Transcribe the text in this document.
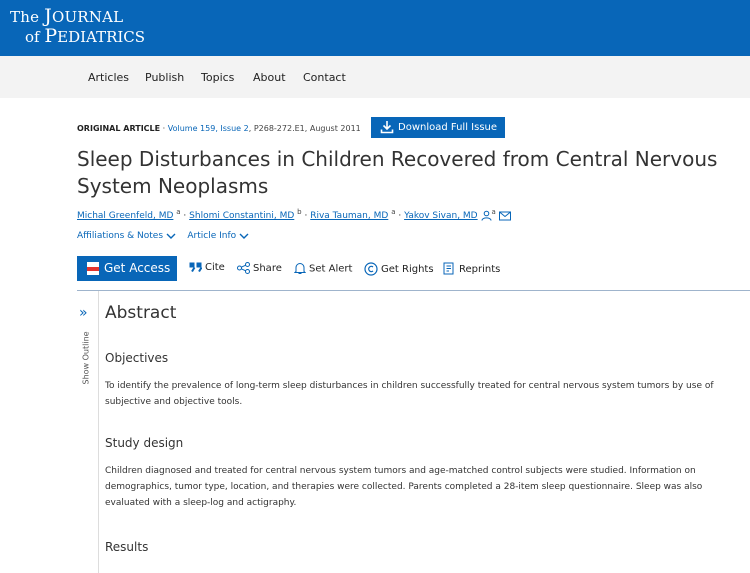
The JOURNAL
of PEDIATRICS
Articles Publish Topics About Contact
ORIGINAL ARTICLE · Volume 159, Issue 2, P268-272.E1, August 2011	Download Full Issue
Sleep Disturbances in Children Recovered from Central Nervous System Neoplasms
Michal Greenfeld, MD $^a$ · Shlomi Constantini, MD $^b$ · Riva Tauman, MD $^a$ · Yakov Sivan, MD $^a$
Affiliations & Notes	Article Info
Get Access	Cite	Share	Set Alert	Get Rights	Reprints
»
Show Outline
Abstract
Objectives
To identify the prevalence of long-term sleep disturbances in children successfully treated for central nervous system tumors by use of subjective and objective tools.
Study design
Children diagnosed and treated for central nervous system tumors and age-matched control subjects were studied. Information on demographics, tumor type, location, and therapies were collected. Parents completed a 28-item sleep questionnaire. Sleep was also evaluated with a sleep-log and actigraphy.
Results
